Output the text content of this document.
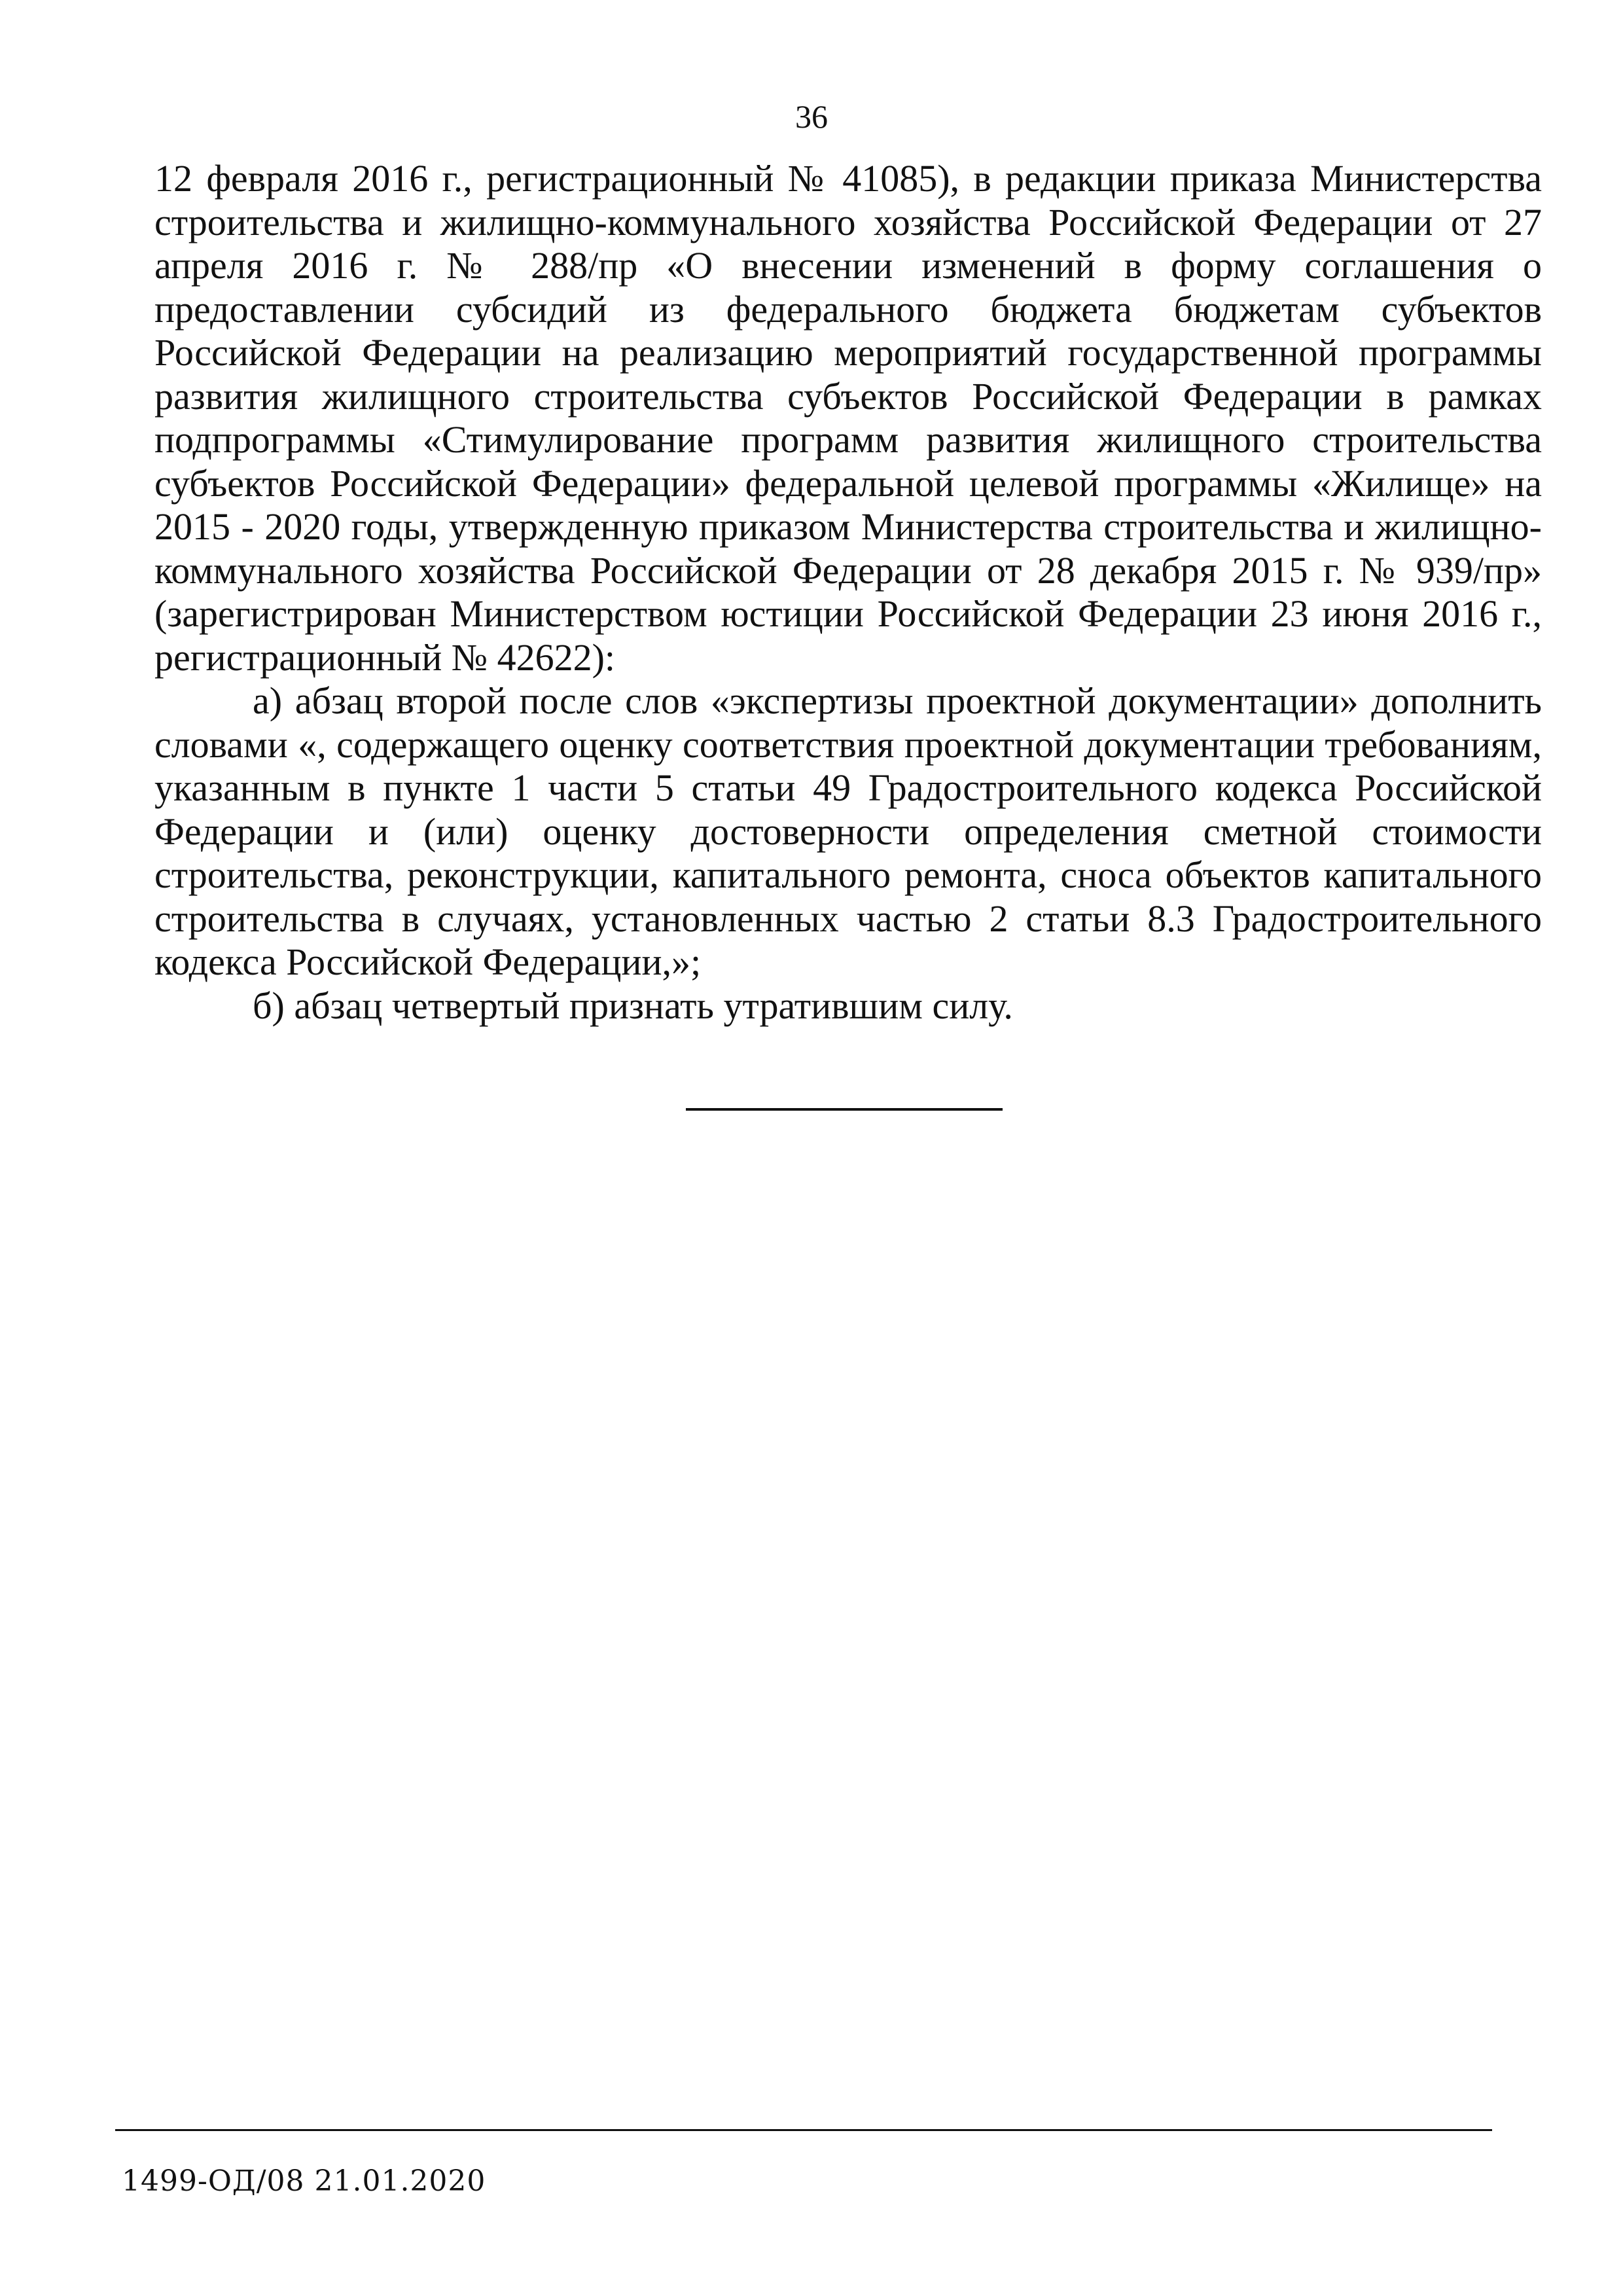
36

12 февраля 2016 г., регистрационный № 41085), в редакции приказа Министерства строительства и жилищно-коммунального хозяйства Российской Федерации от 27 апреля 2016 г. № 288/пр «О внесении изменений в форму соглашения о предоставлении субсидий из федерального бюджета бюджетам субъектов Российской Федерации на реализацию мероприятий государственной программы развития жилищного строительства субъектов Российской Федерации в рамках подпрограммы «Стимулирование программ развития жилищного строительства субъектов Российской Федерации» федеральной целевой программы «Жилище» на 2015 - 2020 годы, утвержденную приказом Министерства строительства и жилищно-коммунального хозяйства Российской Федерации от 28 декабря 2015 г. № 939/пр» (зарегистрирован Министерством юстиции Российской Федерации 23 июня 2016 г., регистрационный № 42622):

а) абзац второй после слов «экспертизы проектной документации» дополнить словами «, содержащего оценку соответствия проектной документации требованиям, указанным в пункте 1 части 5 статьи 49 Градостроительного кодекса Российской Федерации и (или) оценку достоверности определения сметной стоимости строительства, реконструкции, капитального ремонта, сноса объектов капитального строительства в случаях, установленных частью 2 статьи 8.3 Градостроительного кодекса Российской Федерации,»;

б) абзац четвертый признать утратившим силу.

1499-ОД/08 21.01.2020
